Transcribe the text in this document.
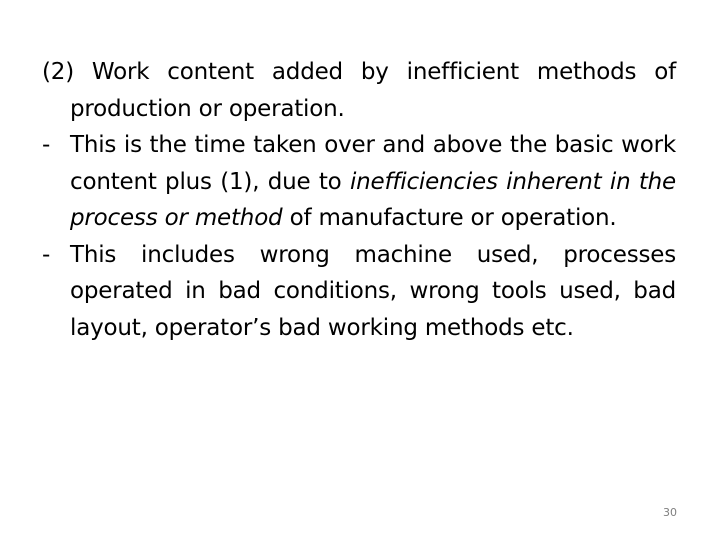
(2) Work content added by inefficient methods of production or operation.

- This is the time taken over and above the basic work content plus (1), due to inefficiencies inherent in the process or method of manufacture or operation.

- This includes wrong machine used, processes operated in bad conditions, wrong tools used, bad layout, operator’s bad working methods etc.

30
